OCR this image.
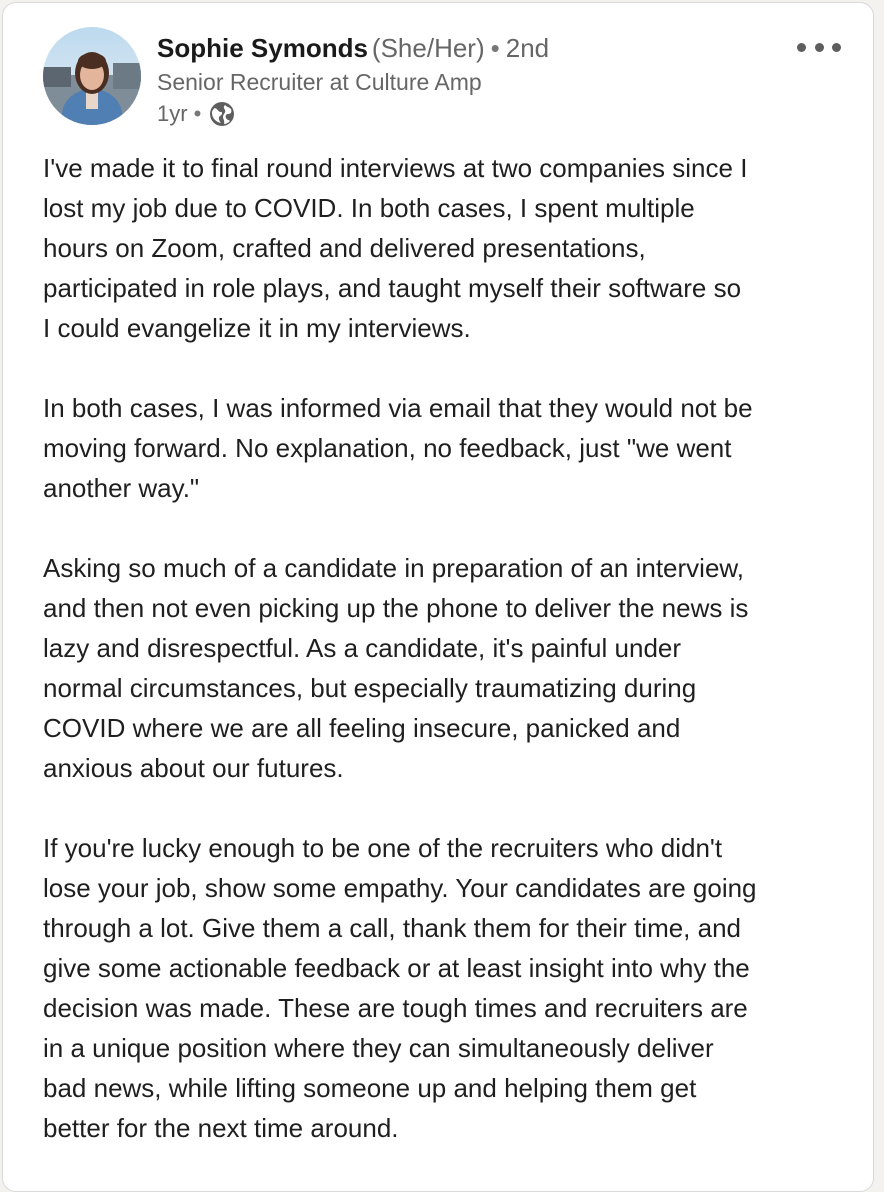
Sophie Symonds (She/Her) • 2nd
Senior Recruiter at Culture Amp
1yr •

I've made it to final round interviews at two companies since I
lost my job due to COVID. In both cases, I spent multiple
hours on Zoom, crafted and delivered presentations,
participated in role plays, and taught myself their software so
I could evangelize it in my interviews.

In both cases, I was informed via email that they would not be
moving forward. No explanation, no feedback, just "we went
another way."

Asking so much of a candidate in preparation of an interview,
and then not even picking up the phone to deliver the news is
lazy and disrespectful. As a candidate, it's painful under
normal circumstances, but especially traumatizing during
COVID where we are all feeling insecure, panicked and
anxious about our futures.

If you're lucky enough to be one of the recruiters who didn't
lose your job, show some empathy. Your candidates are going
through a lot. Give them a call, thank them for their time, and
give some actionable feedback or at least insight into why the
decision was made. These are tough times and recruiters are
in a unique position where they can simultaneously deliver
bad news, while lifting someone up and helping them get
better for the next time around.
